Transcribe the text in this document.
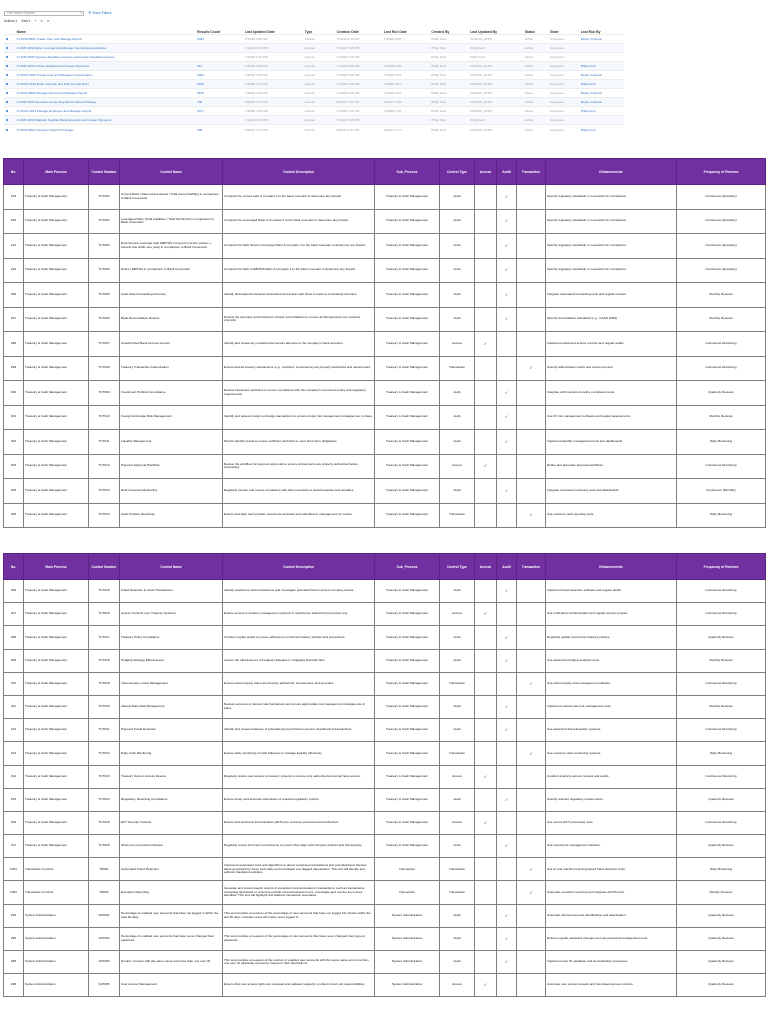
Find Action Reports	▾ ⧩ Show Filters
Actions ▾ View ▾ + ✎ ⟳
	Name	Results Count	Last Updated Date	Type		Creation Date	Last Run Date	Created By	Last Updated By	Status	State	Last Run By
	CI-HCM-0001 Create User and Manage Payroll	6303	7/15/20 3:06 AM	Access		7/14/20 6:16 PM	7/15/20 3:06 ...	Philip Kent	FUSION_APPS	Active	Approved	Danny Johnson
	CI-P2P-0002 Enter Journals and Manage Journal Approval Rules		7/14/20 5:18 PM	Access		7/14/20 5:18 PM		Philip Kent	Philip Kent	Active	Approved	
	CI-P2P-0003 Approve Payables Invoices and Create Payables Invoices		7/14/20 6:18 PM	Access		7/14/20 6:18 PM		Philip Kent	Philip Kent	Active	Approved	
	CI-P2P-0003 Create Suppliers and Create Payments	511	7/15/20 3:06 PM	Access		7/14/20 6:18 PM	7/15/20 3:06 ...	Philip Kent	FUSION_APPS	Active	Approved	Philip Kent
	CI-HCM-A010 Create User and Manage Compensation	5404	7/15/20 3:03 AM	Access		7/14/20 5:18 PM	7/15/20 3:03 ...	Philip Kent	FUSION_APPS	Active	Approved	Danny Johnson
	CI-HCM-A010 Enter Journals and Post Journal Entry	5213	7/15/20 3:07 PM	Access		7/14/20 5:18 PM	7/15/20 3:07 ...	Philip Kent	FUSION_APPS	Active	Approved	Philip Kent
	CI-HCM-0003 Manage Person and Manage Payroll	5678	7/15/20 3:54 AM	Access		7/14/20 6:18 PM	7/15/20 3:54 ...	Philip Kent	FUSION_APPS	Active	Approved	Danny Johnson
	CI-P2P-0003 Sensitive Accounting Period Status Privilege	702	5/24/21 4:41 PM	Access		5/24/21 4:41 PM	5/24/21 4:59 ...	Philip Kent	FUSION_APPS	Active	Approved	Danny Johnson
	CI-HCM-A021 Manage Employee and Manage Payroll	5377	7/15/20 3:06 AM	Access		7/14/20 6:18 PM	7/15/20 3:06 ...	Philip Kent	FUSION_APPS	Active	Approved	Philip Kent
	CI-P2P-0003 Maintain Supplier Bank Accounts and Create Payments		7/14/20 6:18 PM	Access		7/14/20 6:18 PM		Philip Kent	Philip Kent	Active	Approved	
	CI-HCM-0003 Sensitive Payroll Privileges	430	5/26/21 1:37 PM	Access		5/26/21 1:37 PM	5/26/21 1:37 ...	Philip Kent	FUSION_APPS	Active	Approved	Philip Kent
No.	Main Process	Control Number	Control Name	Control Description	Sub_Process	Control Type	Access	Audit	Transaction	Enhancements	Frequency of Reviews
219	Treasury & Cash Management	TCT003	Current Ratio (Total current assets / Total current liability) in comparison to Bank Covenants	Compute the current ratio & compare it to the bank covenant to determine any breach.	Treasury & Cash Management	Audit		✓		Specify regulatory standards or covenants for comparison.	Continuous (Quarterly)
220	Treasury & Cash Management	TCT002	Leveraged Ratio (Total Liabilities / Total Net Worth) in comparison to Bank Covenants	Compute the Leveraged Ratio & Compare it to the bank covenant to determine any breach.	Treasury & Cash Management	Audit		✓		Specify regulatory standards or covenants for comparison.	Continuous (Quarterly)
221	Treasury & Cash Management	TCT003	Debt Service coverage ratio (EBITDA / long term current portion + interest due within one year) in comparison to Bank Covenants	Compute the Debt Service Coverage Ratio & Compare it to the bank covenant to determine any breach.	Treasury & Cash Management	Audit		✓		Specify regulatory standards or covenants for comparison.	Continuous (Quarterly)
222	Treasury & Cash Management	TCT005	Debt to EBITDA in comparison to Bank Covenants	Compute the Debt to EBITDA Ratio & Compare it to the bank covenant to determine any breach.	Treasury & Cash Management	Audit		✓		Specify regulatory standards or covenants for comparison.	Continuous (Quarterly)
296	Treasury & Cash Management	TCT005	Cash Flow Forecasting Accuracy	Identify discrepancies between forecasted and actual cash flows to improve forecasting accuracy.	Treasury & Cash Management	Audit		✓		Integrate automated forecasting tools and regular reviews.	Monthly Reviews
297	Treasury & Cash Management	TCT006	Bank Reconciliation Review	Review the accuracy and timeliness of bank reconciliations to ensure all discrepancies are resolved promptly.	Treasury & Cash Management	Audit		✓		Specify reconciliation standards (e.g., GAAP, IFRS).	Monthly Reviews
298	Treasury & Cash Management	TCT007	Unauthorized Bank Account Access	Identify and review any unauthorized access attempts to the company's bank accounts.	Treasury & Cash Management	Access	✓			Implement advanced access controls and regular audits.	Continuous Monitoring
299	Treasury & Cash Management	TCT008	Treasury Transaction Authorization	Ensure that all treasury transactions (e.g., transfers, investments) are properly authorized and documented.	Treasury & Cash Management	Transaction			✓	Specify authorization matrix and review process.	Continuous Monitoring
300	Treasury & Cash Management	TCT009	Investment Portfolio Compliance	Review investment portfolios to ensure compliance with the company's investment policy and regulatory requirements.	Treasury & Cash Management	Audit		✓		Integrate with investment policy compliance tools.	Quarterly Reviews
301	Treasury & Cash Management	TCT010	Foreign Exchange Risk Management	Identify and assess foreign exchange transactions to ensure proper risk management strategies are in place.	Treasury & Cash Management	Audit		✓		Use FX risk management software and regular assessments.	Monthly Reviews
302	Treasury & Cash Management	TCT011	Liquidity Management	Monitor liquidity levels to ensure sufficient cash flow to meet short-term obligations.	Treasury & Cash Management	Audit		✓		Implement liquidity management tools and dashboards.	Daily Monitoring
303	Treasury & Cash Management	TCT012	Payment Approval Workflow	Review the workflow for payment approvals to ensure all payments are properly authorized before processing.	Treasury & Cash Management	Access	✓			Define and automate approval workflows.	Continuous Monitoring
304	Treasury & Cash Management	TCT013	Debt Covenant Monitoring	Regularly monitor and review compliance with debt covenants to avoid breaches and penalties.	Treasury & Cash Management	Audit		✓		Integrate covenant monitoring tools and dashboards.	Continuous (Monthly)
305	Treasury & Cash Management	TCT014	Cash Position Reporting	Ensure that daily cash position reports are accurate and submitted to management for review.	Treasury & Cash Management	Transaction			✓	Use real-time cash reporting tools.	Daily Monitoring
No.	Main Process	Control Number	Control Name	Control Description	Sub_Process	Control Type	Access	Audit	Transaction	Enhancements	Frequency of Reviews
306	Treasury & Cash Management	TCT015	Fraud Detection in Cash Transactions	Identify suspicious cash transactions and investigate potential fraud to protect company assets.	Treasury & Cash Management	Audit		✓		Implement fraud detection software and regular audits.	Continuous Monitoring
307	Treasury & Cash Management	TCT016	Access Controls over Treasury Systems	Ensure access to treasury management systems is restricted to authorized personnel only.	Treasury & Cash Management	Access	✓			Use multi-factor authentication and regular access reviews.	Continuous Monitoring
308	Treasury & Cash Management	TCT017	Treasury Policy Compliance	Conduct regular audits to ensure adherence to internal treasury policies and procedures.	Treasury & Cash Management	Audit		✓		Regularly update and review treasury policies.	Quarterly Reviews
309	Treasury & Cash Management	TCT018	Hedging Strategy Effectiveness	Assess the effectiveness of hedging strategies in mitigating financial risks.	Treasury & Cash Management	Audit		✓		Use advanced hedging analytics tools.	Monthly Reviews
310	Treasury & Cash Management	TCT019	Intercompany Loans Management	Ensure intercompany loans are properly authorized, documented, and recorded.	Treasury & Cash Management	Transaction			✓	Use intercompany loan management software.	Continuous Monitoring
311	Treasury & Cash Management	TCT020	Interest Rate Risk Management	Review exposure to interest rate fluctuations and ensure appropriate risk management strategies are in place.	Treasury & Cash Management	Audit		✓		Implement interest rate risk management tools.	Monthly Reviews
312	Treasury & Cash Management	TCT021	Payment Fraud Detection	Identify and review instances of potential payment fraud to prevent unauthorized transactions.	Treasury & Cash Management	Audit		✓		Use advanced fraud detection systems.	Continuous Monitoring
313	Treasury & Cash Management	TCT022	Daily Cash Monitoring	Ensure daily monitoring of cash balances to manage liquidity effectively.	Treasury & Cash Management	Transaction			✓	Use real-time cash monitoring systems.	Daily Monitoring
314	Treasury & Cash Management	TCT023	Treasury System Access Review	Regularly review user access to treasury systems to ensure only authorized personnel have access.	Treasury & Cash Management	Access	✓			Conduct quarterly access reviews and audits.	Continuous Monitoring
315	Treasury & Cash Management	TCT024	Regulatory Reporting Compliance	Ensure timely and accurate submission of required regulatory reports.	Treasury & Cash Management	Audit		✓		Specify relevant regulatory requirements.	Quarterly Reviews
316	Treasury & Cash Management	TCT025	EFT Security Controls	Ensure that electronic fund transfers (EFTs) are securely processed and authorized.	Treasury & Cash Management	Access	✓			Use secure EFT processing tools.	Continuous Monitoring
317	Treasury & Cash Management	TCT026	Short-term Investment Review	Regularly review short-term investments to ensure they align with company policies and risk appetite.	Treasury & Cash Management	Audit		✓		Use investment management software.	Quarterly Reviews
1001	Transaction Controls	TR001	Automated Fraud Detection	Implement automated tools and algorithms to detect suspicious transactions and potential fraud. Review alerts generated by these tools daily and investigate any flagged transactions. This test will identify and address fraudulent activities.	Transaction	Transaction			✓	Use AI and machine learning-based fraud detection tools.	Daily Monitoring
1002	Transaction Controls	TR002	Exception Reporting	Generate and review weekly reports of exceptions and anomalies in transactions, such as transactions exceeding thresholds or occurring outside normal business hours. Investigate and resolve any issues identified. This test will highlight and address transaction anomalies.	Transaction	Transaction			✓	Automate exception reporting and integrate with BI tools.	Weekly Reviews
294	System Administration	SAT001	Percentage of enabled user accounts that have not logged in within the past 90 days	This test provides a measure of the percentage of user accounts that have not logged into Oracle within the last 90 days. Includes users who have never logged in.	System Administration	Audit		✓		Automate dormant account identification and deactivation.	Quarterly Reviews
295	System Administration	SAT002	Percentage of enabled user accounts that have never changed their password	This test provides a measure of the percentage of user accounts that have never changed their sign-on password.	System Administration	Audit		✓		Enforce regular password changes and use password management tools.	Quarterly Reviews
296	System Administration	SAT003	Number of users with the same name and more than one user ID	This test provides a measure of the number of enabled user accounts with the same name and more than one user ID (duplicate accounts), based on their descriptions.	System Administration	Audit		✓		Implement user ID validation and de-duplication processes.	Quarterly Reviews
298	System Administration	SAT005	User Access Management	Ensure that user access rights are reviewed and updated regularly to reflect current job responsibilities.	System Administration	Access	✓			Automate user access reviews and role-based access controls.	Quarterly Reviews
